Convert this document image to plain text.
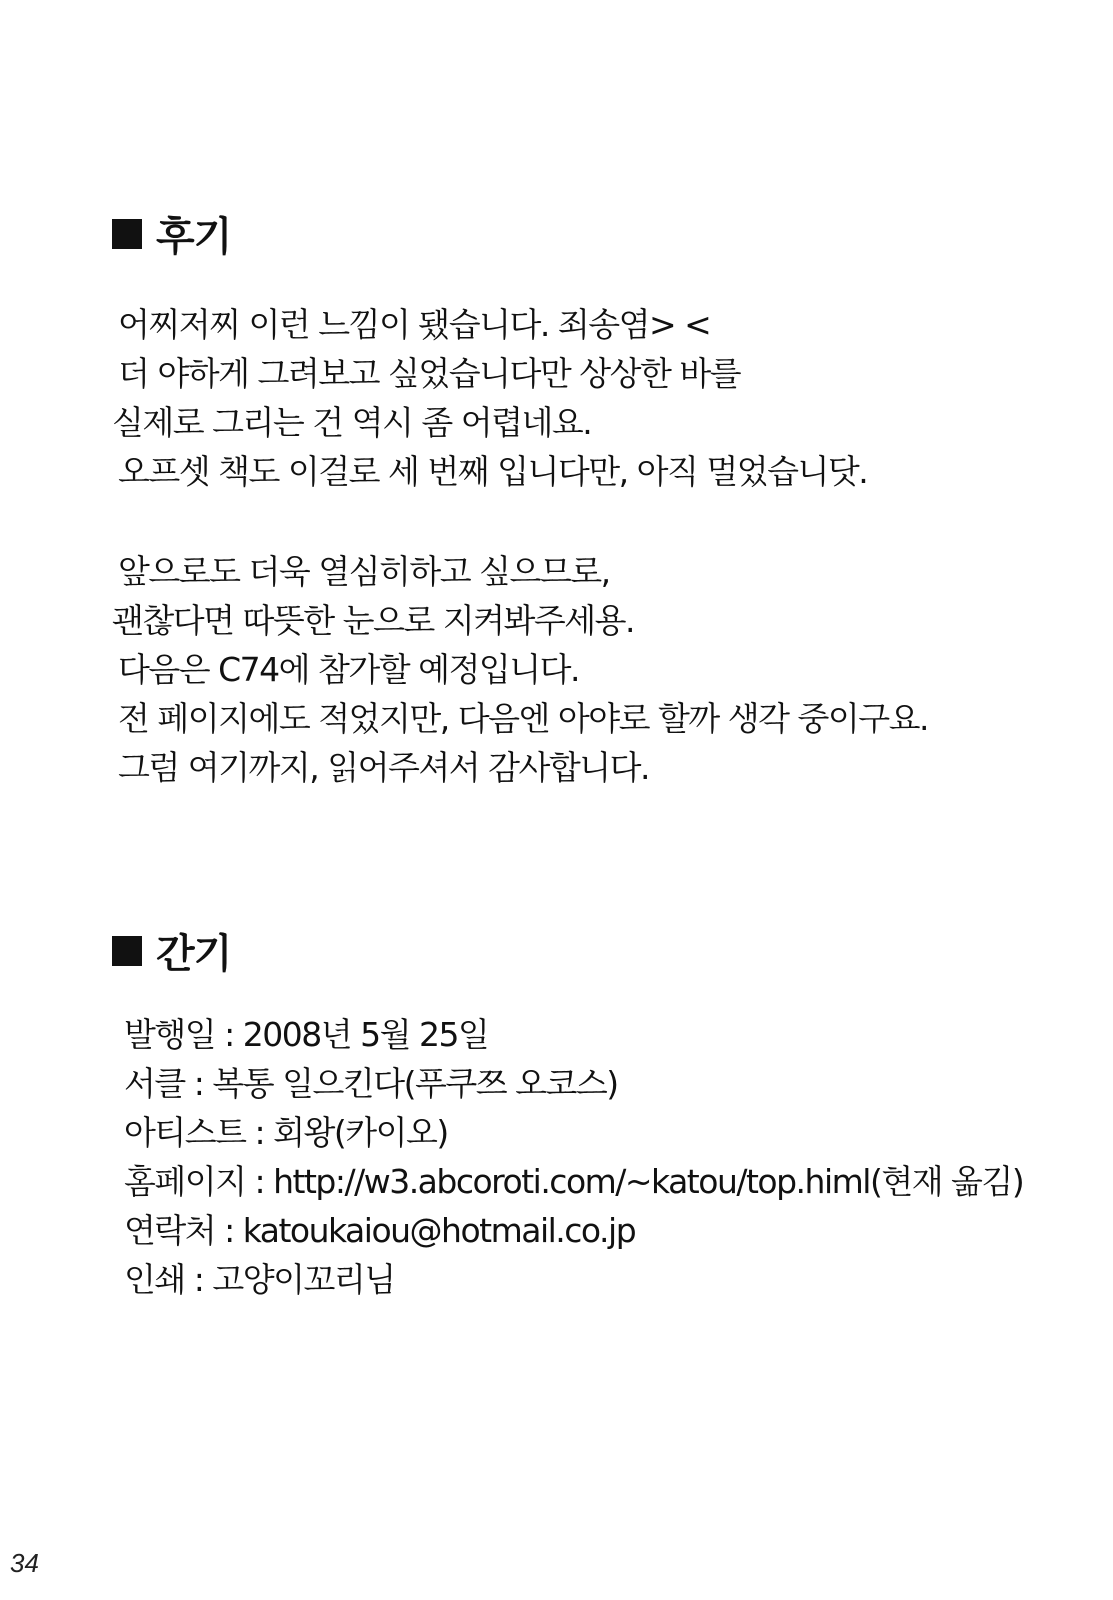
후기
어찌저찌 이런 느낌이 됐습니다. 죄송염> <
더 야하게 그려보고 싶었습니다만 상상한 바를
실제로 그리는 건 역시 좀 어렵네요.
오프셋 책도 이걸로 세 번째 입니다만, 아직 멀었습니닷.
앞으로도 더욱 열심히하고 싶으므로,
괜찮다면 따뜻한 눈으로 지켜봐주세용.
다음은 C74에 참가할 예정입니다.
전 페이지에도 적었지만, 다음엔 아야로 할까 생각 중이구요.
그럼 여기까지, 읽어주셔서 감사합니다.
간기
발행일 : 2008년 5월 25일
서클 : 복통 일으킨다(푸쿠쯔 오코스)
아티스트 : 회왕(카이오)
홈페이지 : http://w3.abcoroti.com/~katou/top.himl(현재 옮김)
연락처 : katoukaiou@hotmail.co.jp
인쇄 : 고양이꼬리님
34
